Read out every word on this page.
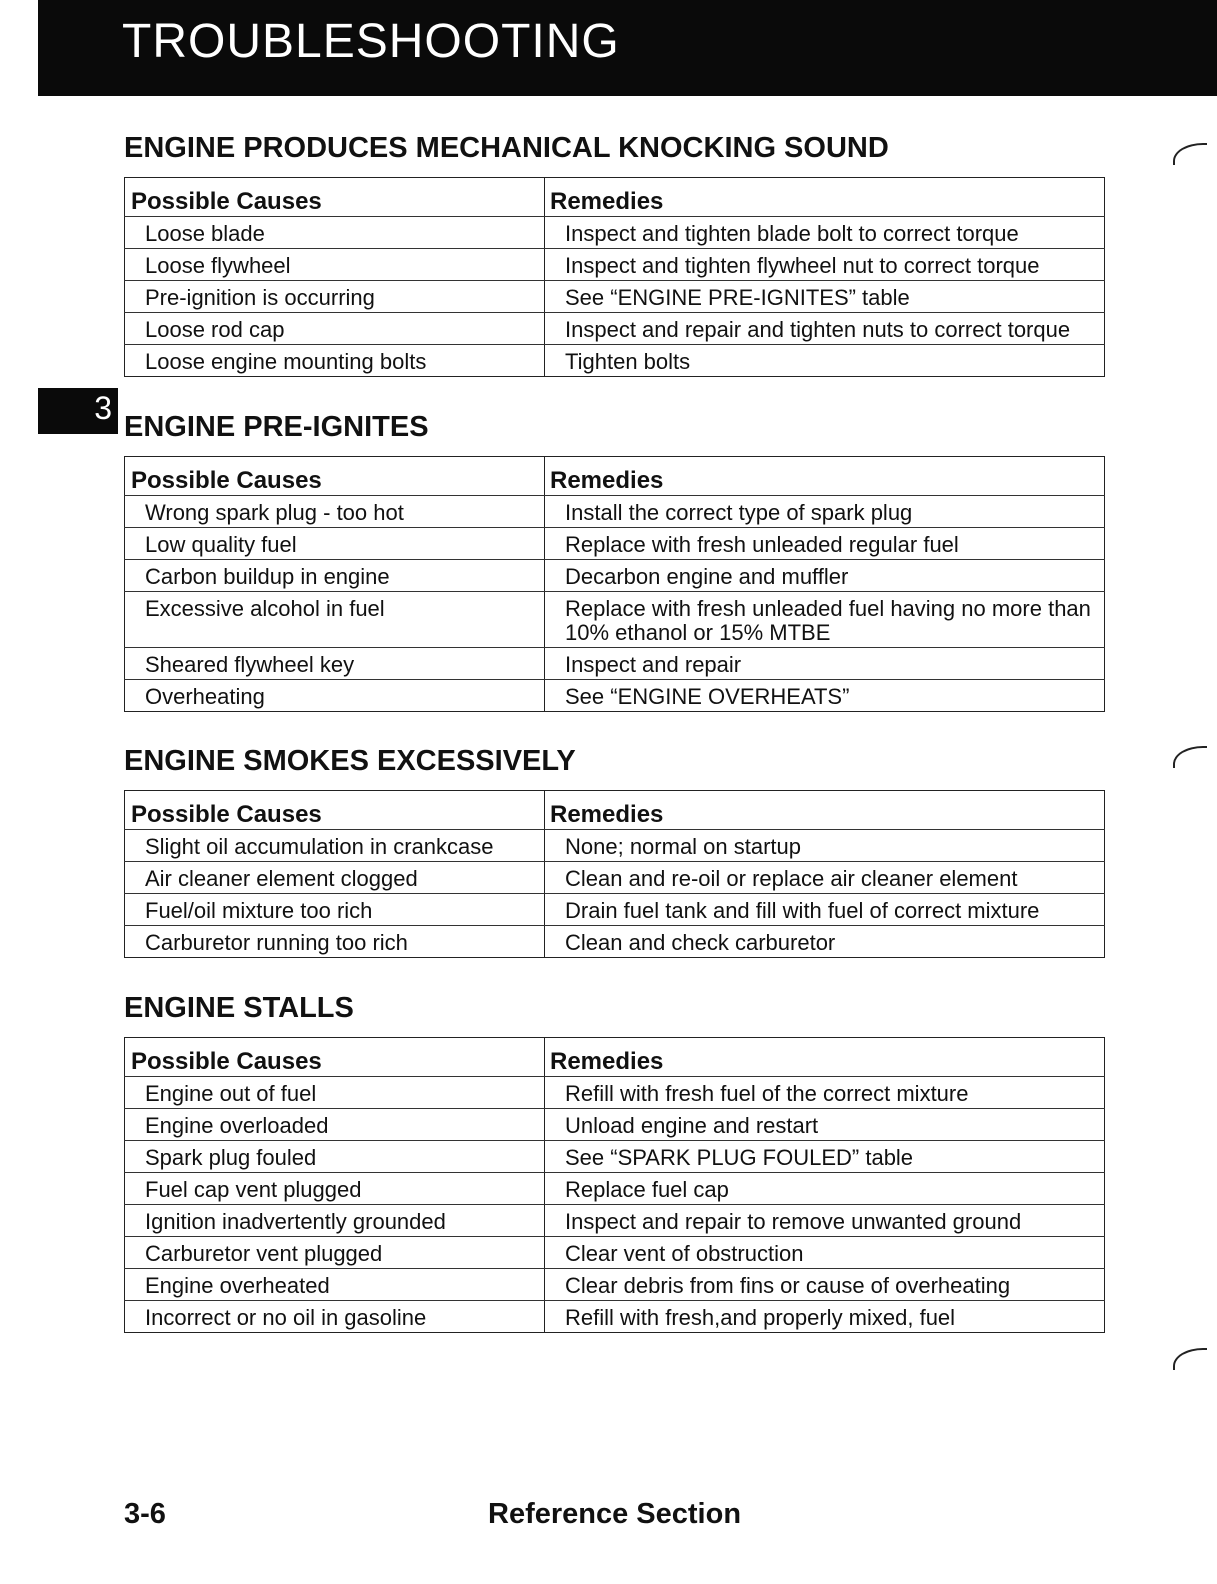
TROUBLESHOOTING
3
ENGINE PRODUCES MECHANICAL KNOCKING SOUND
Possible Causes	Remedies
Loose blade	Inspect and tighten blade bolt to correct torque
Loose flywheel	Inspect and tighten flywheel nut to correct torque
Pre-ignition is occurring	See “ENGINE PRE-IGNITES” table
Loose rod cap	Inspect and repair and tighten nuts to correct torque
Loose engine mounting bolts	Tighten bolts
ENGINE PRE-IGNITES
Possible Causes	Remedies
Wrong spark plug - too hot	Install the correct type of spark plug
Low quality fuel	Replace with fresh unleaded regular fuel
Carbon buildup in engine	Decarbon engine and muffler
Excessive alcohol in fuel	Replace with fresh unleaded fuel having no more than 10% ethanol or 15% MTBE
Sheared flywheel key	Inspect and repair
Overheating	See “ENGINE OVERHEATS”
ENGINE SMOKES EXCESSIVELY
Possible Causes	Remedies
Slight oil accumulation in crankcase	None; normal on startup
Air cleaner element clogged	Clean and re-oil or replace air cleaner element
Fuel/oil mixture too rich	Drain fuel tank and fill with fuel of correct mixture
Carburetor running too rich	Clean and check carburetor
ENGINE STALLS
Possible Causes	Remedies
Engine out of fuel	Refill with fresh fuel of the correct mixture
Engine overloaded	Unload engine and restart
Spark plug fouled	See “SPARK PLUG FOULED” table
Fuel cap vent plugged	Replace fuel cap
Ignition inadvertently grounded	Inspect and repair to remove unwanted ground
Carburetor vent plugged	Clear vent of obstruction
Engine overheated	Clear debris from fins or cause of overheating
Incorrect or no oil in gasoline	Refill with fresh,and properly mixed, fuel
3-6	Reference Section
